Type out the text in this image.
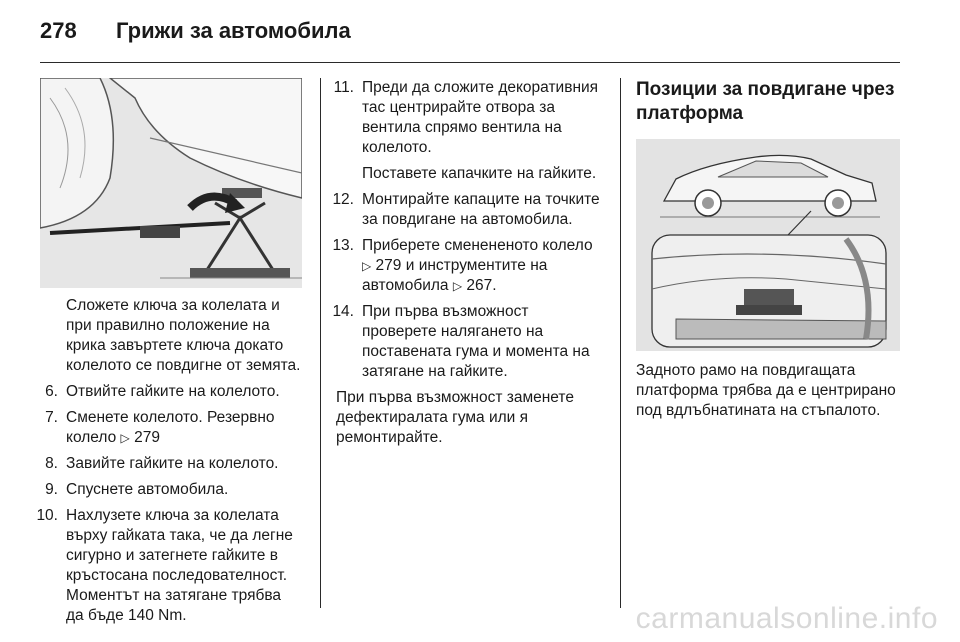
278 Грижи за автомобила

Сложете ключа за колелата и при правилно положение на крика завъртете ключа докато колелото се повдигне от земята.

6. Отвийте гайките на колелото.
7. Сменете колелото. Резервно колело ▷ 279
8. Завийте гайките на колелото.
9. Спуснете автомобила.
10. Нахлузете ключа за колелата върху гайката така, че да легне сигурно и затегнете гайките в кръстосана последователност. Моментът на затягане трябва да бъде 140 Nm.
11. Преди да сложите декоративния тас центрирайте отвора за вентила спрямо вентила на колелото.

Поставете капачките на гайките.

12. Монтирайте капаците на точките за повдигане на автомобила.
13. Приберете сменененото колело ▷ 279 и инструментите на автомобила ▷ 267.
14. При първа възможност проверете налягането на поставената гума и момента на затягане на гайките.

При първа възможност заменете дефектиралата гума или я ремонтирайте.

Позиции за повдигане чрез платформа

Задното рамо на повдигащата платформа трябва да е центрирано под вдлъбнатината на стъпалото.

carmanualsonline.info
